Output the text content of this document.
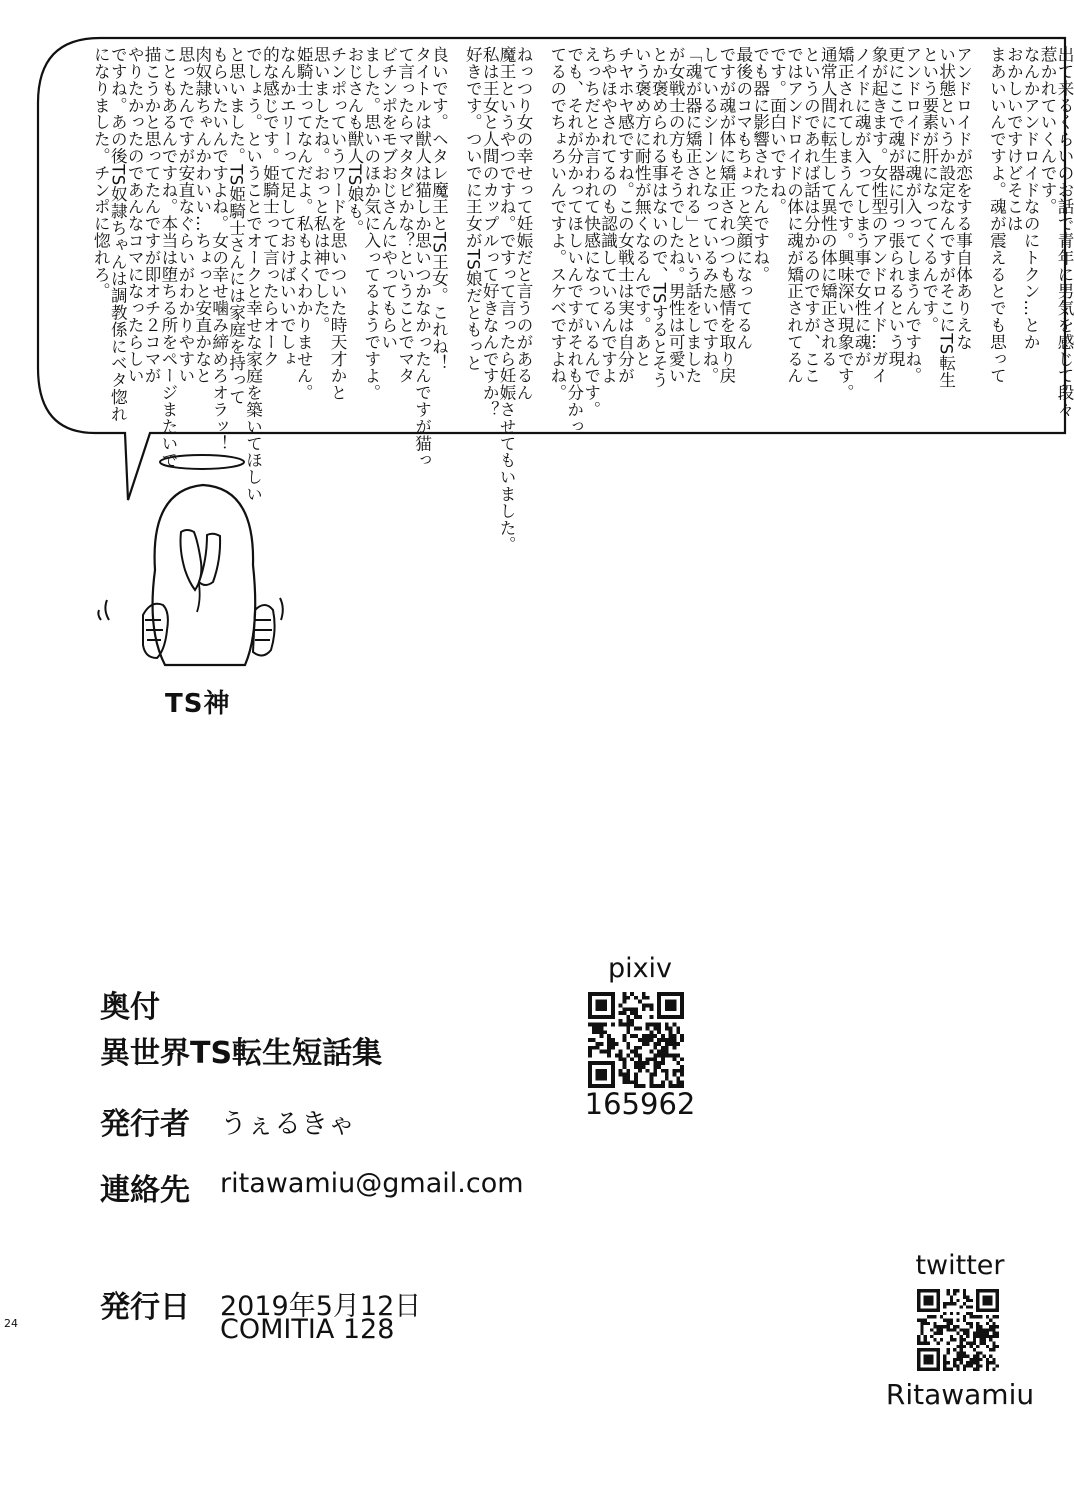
出て来るくらいのお話で青年に男気を感じて段々
惹かれていくんです。
なんかアンドロイドなのにトクン…とか
おかしいですけどそこは
まあいいんですよ。魂が震えるとでも思って

アンドロイドが恋をする事自体ありえな
い状態というか設定なんですがそこにTS転生
という要素が肝になってくるんです。
アンドロイドに魂が入ってしまうんですね。
更にここで魂が器に引っ張られるという現
象が起きます。女性型のアンドロイド…ガイ
ノイドに魂が入ってしまう事で女性に魂が
矯正されてしまうんです。興味深い現象です。
通常人間に転生して異性の体に矯正される
というのであれば話は分かるのですが、ここ
ではアンドロイドの体に魂が矯正されてるん
です。面白いですね。
でも器に影響されたんですね。
最後のコマもちょっと笑顔になってるん
ですが魂が体に矯正されつつも感情を取り戻
しているシーンとなっているみたいですね。
「魂が器に矯正される」という話をしました
が女戦士の方もそうでしたね。男性は可愛い
とか褒められる事はないので、TSするとそう
いう褒め方に耐性が無くなるんです。あと
チヤホヤ感ですね。この女戦士は実は自分が
ちやほやされてるのも認識しているんですよ
えっちだとか言われて快感になっているんです。
でも、それが分かってほしいんですがそれも分かっ
てるのでちょろいんですよ。スケベですよね。

ねっつり女の幸せって妊娠だと言うのがあるん
魔王というやつですね。ですって言ったら妊娠させてもいました。
私は王女と人間のカップルって好きなんですか？
好きです。ついでに王女がTS娘だともっと

良いです。ヘタレ魔王とTS王女。これね！
タイトルは獣人は猫しか思いつかなかったんですが猫っ
て言ったらマタタビかな？ということでマタ
ビチンポをモブおじさんにやってもらい
ました。思いのほか気に入ってるようですよ。
おじさんも獣人TS娘も。
チンポっていうワードを思いついた時天才かと
思いましたね。おっと私は神でした。
姫騎士ってなんだよ。私もよくわかりません。
なんかエリーって足しておけばいいでしょ
的な感じです。姫騎士って言ったらオーク
でしょう。ということでオークと幸せな家庭を築いてほしい
と思いました。TS姫騎士さんには家庭を持って
もらいたいんですよね。女の幸せ噛み締めろオラッ！
肉奴隷ちゃんかわいい…ちょっと安直かなと
思ったんですが安直なぐらいがわかりやすい
こともあるんですね。本当は堕ちる所をページまたいで
描こうかと思ってたんですが即オチ２コマが
やりたかったのであんなコマになったらしい
ですね。あの後TS奴隷ちゃんは調教係にベタ惚れ
になりました。チンポに惚れろ。
TS神
24
奥付
異世界TS転生短話集
発行者 うぇるきゃ
連絡先 ritawamiu@gmail.com
発行日 2019年5月12日
COMITIA 128
pixiv
165962
twitter
Ritawamiu
